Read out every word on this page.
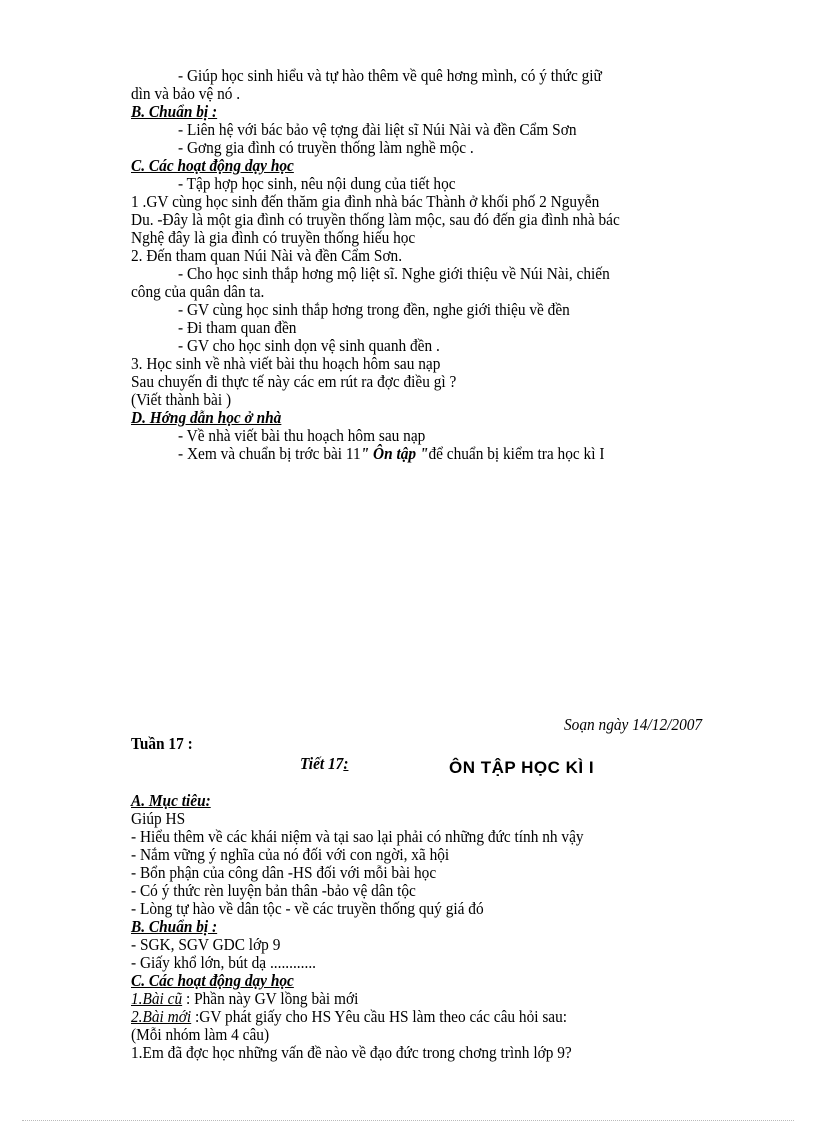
- Giúp học sinh hiểu và tự hào thêm về quê hơng mình, có ý thức giữ
dìn và bảo vệ nó .
B. Chuẩn bị :
- Liên hệ với bác bảo vệ tợng đài liệt sĩ Núi Nài và đền Cẩm Sơn
- Gơng gia đình có truyền thống làm nghề mộc .
C. Các hoạt động dạy học
- Tập hợp học sinh, nêu nội dung của tiết học
1 .GV cùng học sinh đến thăm gia đình nhà bác Thành ở khối phố 2 Nguyễn
Du. -Đây là một gia đình có truyền thống làm mộc, sau đó đến gia đình nhà bác
Nghệ đây là gia đình có truyền thống hiếu học
2. Đến tham quan Núi Nài và đền Cẩm Sơn.
- Cho học sinh thắp hơng mộ liệt sĩ. Nghe giới thiệu về Núi Nài, chiến
công của quân dân ta.
- GV cùng học sinh thắp hơng trong đền, nghe giới thiệu về đền
- Đi tham quan đền
- GV cho học sinh dọn vệ sinh quanh đền .
3. Học sinh về nhà viết bài thu hoạch hôm sau nạp
Sau chuyến đi thực tế này các em rút ra đợc điều gì ?
(Viết thành bài )
D. Hớng dẫn học ở nhà
- Về nhà viết bài thu hoạch hôm sau nạp
- Xem và chuẩn bị trớc bài 11" Ôn tập "để chuẩn bị kiểm tra học kì I
Soạn ngày 14/12/2007
Tuần 17 :
Tiết 17:	ÔN TẬP HỌC KÌ I
A. Mục tiêu:
Giúp HS
- Hiểu thêm về các khái niệm và tại sao lại phải có những đức tính nh vậy
- Nắm vững ý nghĩa của nó đối với con ngời, xã hội
- Bổn phận của công dân -HS đối với mỗi bài học
- Có ý thức rèn luyện bản thân -bảo vệ dân tộc
- Lòng tự hào về dân tộc - về các truyền thống quý giá đó
B. Chuẩn bị :
- SGK, SGV GDC lớp 9
- Giấy khổ lớn, bút dạ ............
C. Các hoạt động dạy học
1.Bài cũ : Phần này GV lồng bài mới
2.Bài mới :GV phát giấy cho HS Yêu cầu HS làm theo các câu hỏi sau:
(Mỗi nhóm làm 4 câu)
1.Em đã đợc học những vấn đề nào về đạo đức trong chơng trình lớp 9?
